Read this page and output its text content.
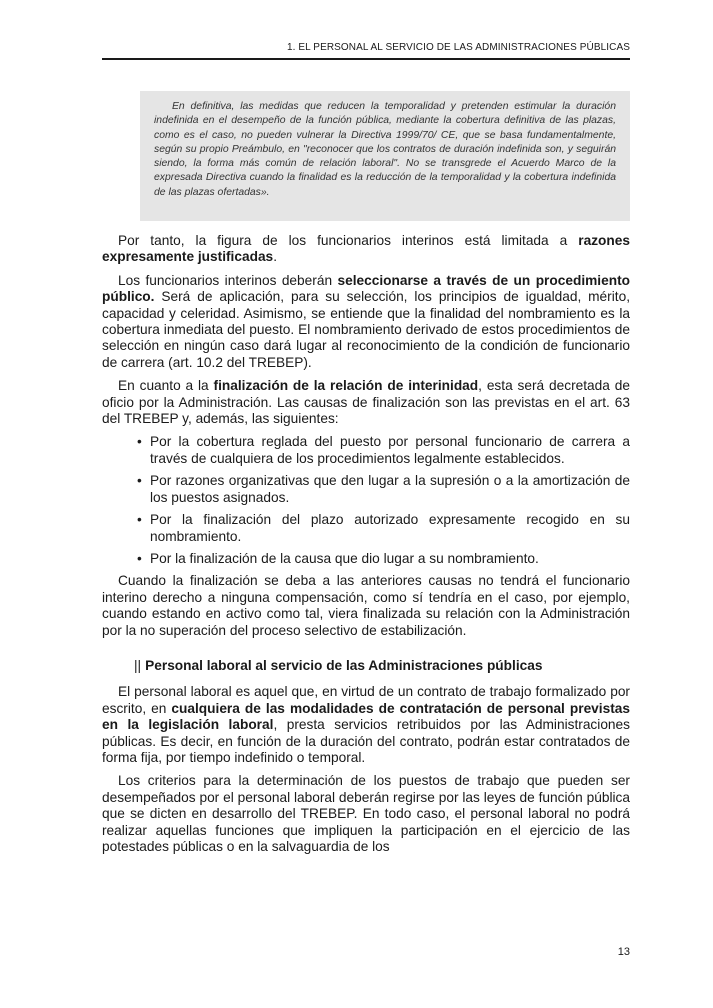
1. EL PERSONAL AL SERVICIO DE LAS ADMINISTRACIONES PÚBLICAS
En definitiva, las medidas que reducen la temporalidad y pretenden estimular la duración indefinida en el desempeño de la función pública, mediante la cobertura definitiva de las plazas, como es el caso, no pueden vulnerar la Directiva 1999/70/ CE, que se basa fundamentalmente, según su propio Preámbulo, en "reconocer que los contratos de duración indefinida son, y seguirán siendo, la forma más común de relación laboral". No se transgrede el Acuerdo Marco de la expresada Directiva cuando la finalidad es la reducción de la temporalidad y la cobertura indefinida de las plazas ofertadas».

Por tanto, la figura de los funcionarios interinos está limitada a razones expresamente justificadas.

Los funcionarios interinos deberán seleccionarse a través de un procedimiento público. Será de aplicación, para su selección, los principios de igualdad, mérito, capacidad y celeridad. Asimismo, se entiende que la finalidad del nombramiento es la cobertura inmediata del puesto. El nombramiento derivado de estos procedimientos de selección en ningún caso dará lugar al reconocimiento de la condición de funcionario de carrera (art. 10.2 del TREBEP).

En cuanto a la finalización de la relación de interinidad, esta será decretada de oficio por la Administración. Las causas de finalización son las previstas en el art. 63 del TREBEP y, además, las siguientes:

• Por la cobertura reglada del puesto por personal funcionario de carrera a través de cualquiera de los procedimientos legalmente establecidos.
• Por razones organizativas que den lugar a la supresión o a la amortización de los puestos asignados.
• Por la finalización del plazo autorizado expresamente recogido en su nombramiento.
• Por la finalización de la causa que dio lugar a su nombramiento.

Cuando la finalización se deba a las anteriores causas no tendrá el funcionario interino derecho a ninguna compensación, como sí tendría en el caso, por ejemplo, cuando estando en activo como tal, viera finalizada su relación con la Administración por la no superación del proceso selectivo de estabilización.

|| Personal laboral al servicio de las Administraciones públicas

El personal laboral es aquel que, en virtud de un contrato de trabajo formalizado por escrito, en cualquiera de las modalidades de contratación de personal previstas en la legislación laboral, presta servicios retribuidos por las Administraciones públicas. Es decir, en función de la duración del contrato, podrán estar contratados de forma fija, por tiempo indefinido o temporal.

Los criterios para la determinación de los puestos de trabajo que pueden ser desempeñados por el personal laboral deberán regirse por las leyes de función pública que se dicten en desarrollo del TREBEP. En todo caso, el personal laboral no podrá realizar aquellas funciones que impliquen la participación en el ejercicio de las potestades públicas o en la salvaguardia de los

13
